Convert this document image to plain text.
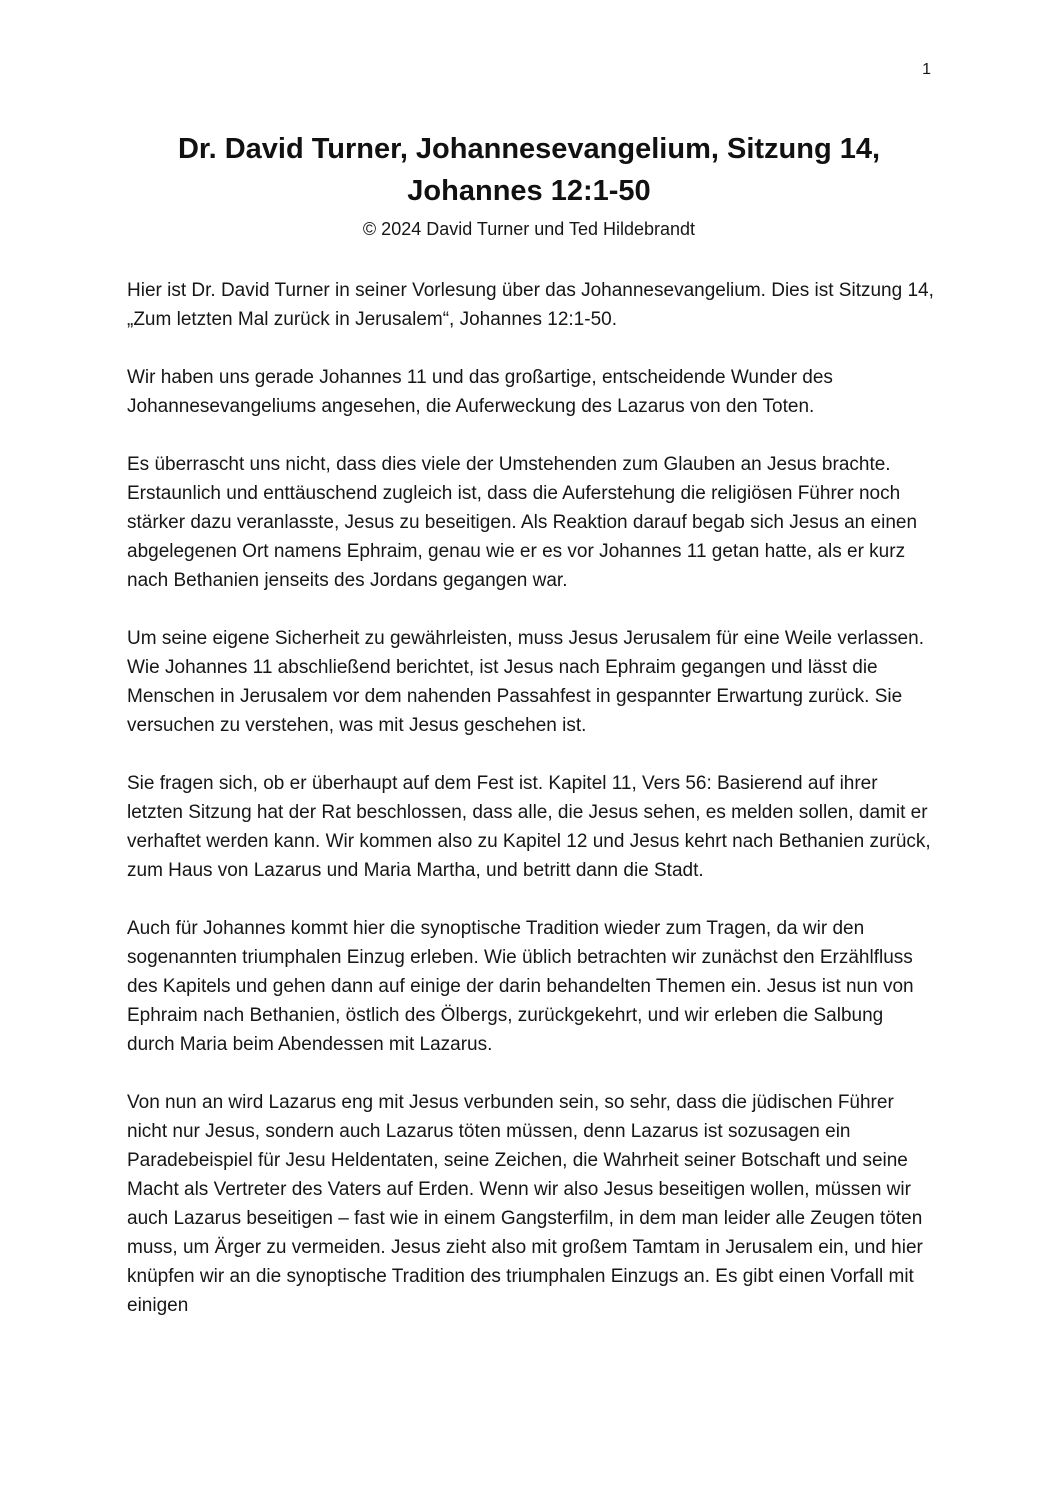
1
Dr. David Turner, Johannesevangelium, Sitzung 14,
Johannes 12:1-50
© 2024 David Turner und Ted Hildebrandt

Hier ist Dr. David Turner in seiner Vorlesung über das Johannesevangelium. Dies ist Sitzung 14, „Zum letzten Mal zurück in Jerusalem“, Johannes 12:1-50.

Wir haben uns gerade Johannes 11 und das großartige, entscheidende Wunder des Johannesevangeliums angesehen, die Auferweckung des Lazarus von den Toten.

Es überrascht uns nicht, dass dies viele der Umstehenden zum Glauben an Jesus brachte. Erstaunlich und enttäuschend zugleich ist, dass die Auferstehung die religiösen Führer noch stärker dazu veranlasste, Jesus zu beseitigen. Als Reaktion darauf begab sich Jesus an einen abgelegenen Ort namens Ephraim, genau wie er es vor Johannes 11 getan hatte, als er kurz nach Bethanien jenseits des Jordans gegangen war.

Um seine eigene Sicherheit zu gewährleisten, muss Jesus Jerusalem für eine Weile verlassen. Wie Johannes 11 abschließend berichtet, ist Jesus nach Ephraim gegangen und lässt die Menschen in Jerusalem vor dem nahenden Passahfest in gespannter Erwartung zurück. Sie versuchen zu verstehen, was mit Jesus geschehen ist.

Sie fragen sich, ob er überhaupt auf dem Fest ist. Kapitel 11, Vers 56: Basierend auf ihrer letzten Sitzung hat der Rat beschlossen, dass alle, die Jesus sehen, es melden sollen, damit er verhaftet werden kann. Wir kommen also zu Kapitel 12 und Jesus kehrt nach Bethanien zurück, zum Haus von Lazarus und Maria Martha, und betritt dann die Stadt.

Auch für Johannes kommt hier die synoptische Tradition wieder zum Tragen, da wir den sogenannten triumphalen Einzug erleben. Wie üblich betrachten wir zunächst den Erzählfluss des Kapitels und gehen dann auf einige der darin behandelten Themen ein. Jesus ist nun von Ephraim nach Bethanien, östlich des Ölbergs, zurückgekehrt, und wir erleben die Salbung durch Maria beim Abendessen mit Lazarus.

Von nun an wird Lazarus eng mit Jesus verbunden sein, so sehr, dass die jüdischen Führer nicht nur Jesus, sondern auch Lazarus töten müssen, denn Lazarus ist sozusagen ein Paradebeispiel für Jesu Heldentaten, seine Zeichen, die Wahrheit seiner Botschaft und seine Macht als Vertreter des Vaters auf Erden. Wenn wir also Jesus beseitigen wollen, müssen wir auch Lazarus beseitigen – fast wie in einem Gangsterfilm, in dem man leider alle Zeugen töten muss, um Ärger zu vermeiden. Jesus zieht also mit großem Tamtam in Jerusalem ein, und hier knüpfen wir an die synoptische Tradition des triumphalen Einzugs an. Es gibt einen Vorfall mit einigen
